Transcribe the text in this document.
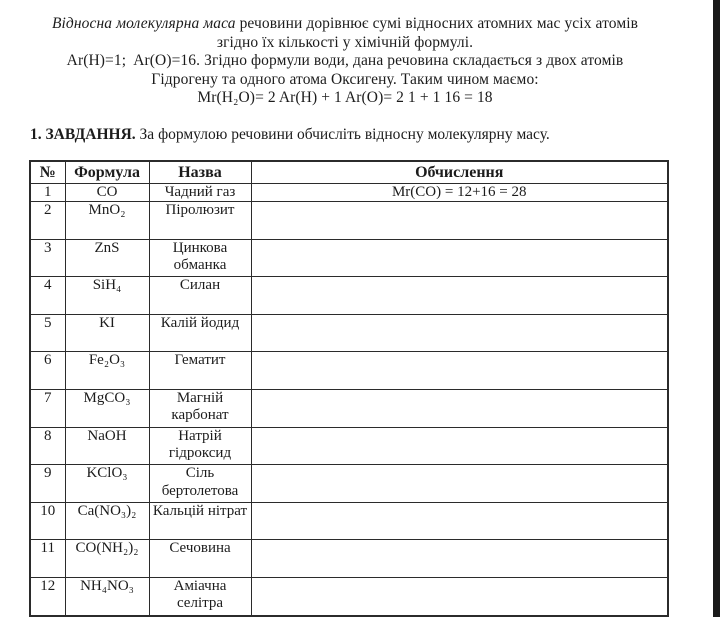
Відносна молекулярна маса речовини дорівнює сумі відносних атомних мас усіх атомів
згідно їх кількості у хімічній формулі.
Ar(H)=1;  Ar(O)=16. Згідно формули води, дана речовина складається з двох атомів
Гідрогену та одного атома Оксигену. Таким чином маємо:
Mr(H₂O)= 2 Ar(H) + 1 Ar(O)= 2 1 + 1 16 = 18
1. ЗАВДАННЯ. За формулою речовини обчисліть відносну молекулярну масу.
№	Формула	Назва	Обчислення
1	CO	Чадний газ	Mr(CO) = 12+16 = 28
2	MnO₂	Піролюзит	
3	ZnS	Цинкова обманка	
4	SiH₄	Силан	
5	KI	Калій йодид	
6	Fe₂O₃	Гематит	
7	MgCO₃	Магній карбонат	
8	NaOH	Натрій гідроксид	
9	KClO₃	Сіль бертолетова	
10	Ca(NO₃)₂	Кальцій нітрат	
11	CO(NH₂)₂	Сечовина	
12	NH₄NO₃	Аміачна селітра	
